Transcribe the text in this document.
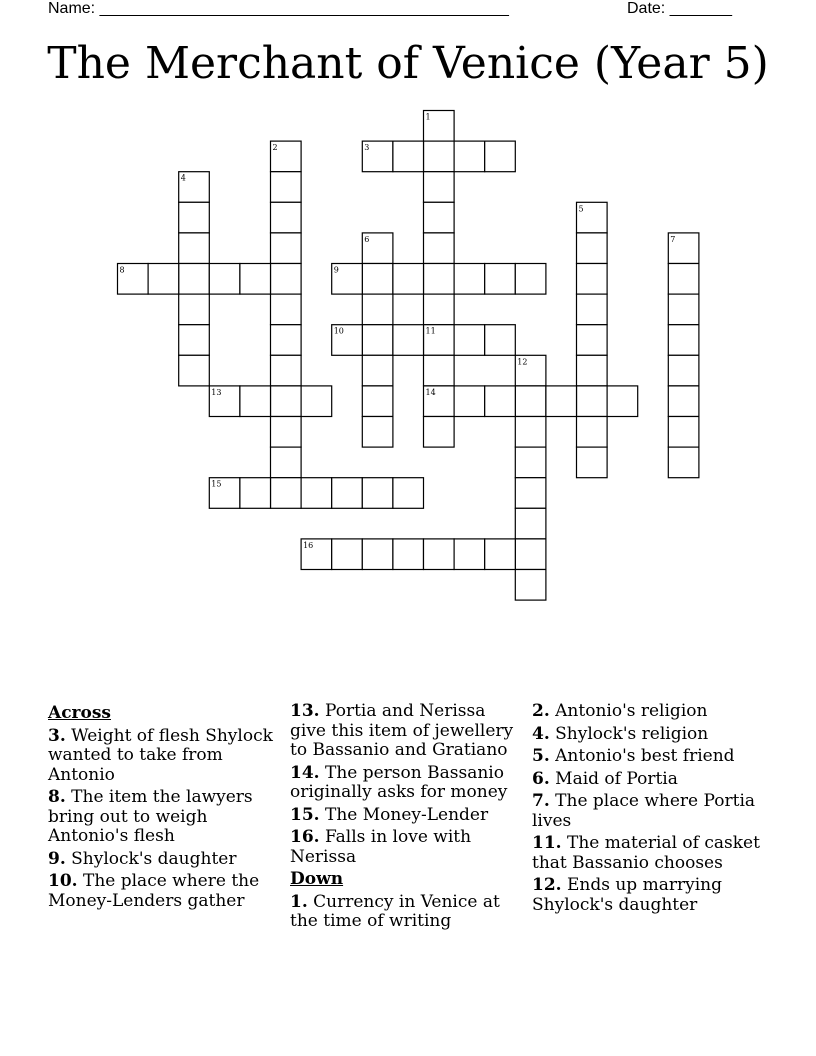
Name: ______________________________________________	Date: _______
The Merchant of Venice (Year 5)
1
2	3
4
5
6	7
8	9
10	11
12
13	14
15
16
Across
3. Weight of flesh Shylock wanted to take from Antonio
8. The item the lawyers bring out to weigh Antonio's flesh
9. Shylock's daughter
10. The place where the Money-Lenders gather
13. Portia and Nerissa give this item of jewellery to Bassanio and Gratiano
14. The person Bassanio originally asks for money
15. The Money-Lender
16. Falls in love with Nerissa
Down
1. Currency in Venice at the time of writing
2. Antonio's religion
4. Shylock's religion
5. Antonio's best friend
6. Maid of Portia
7. The place where Portia lives
11. The material of casket that Bassanio chooses
12. Ends up marrying Shylock's daughter
